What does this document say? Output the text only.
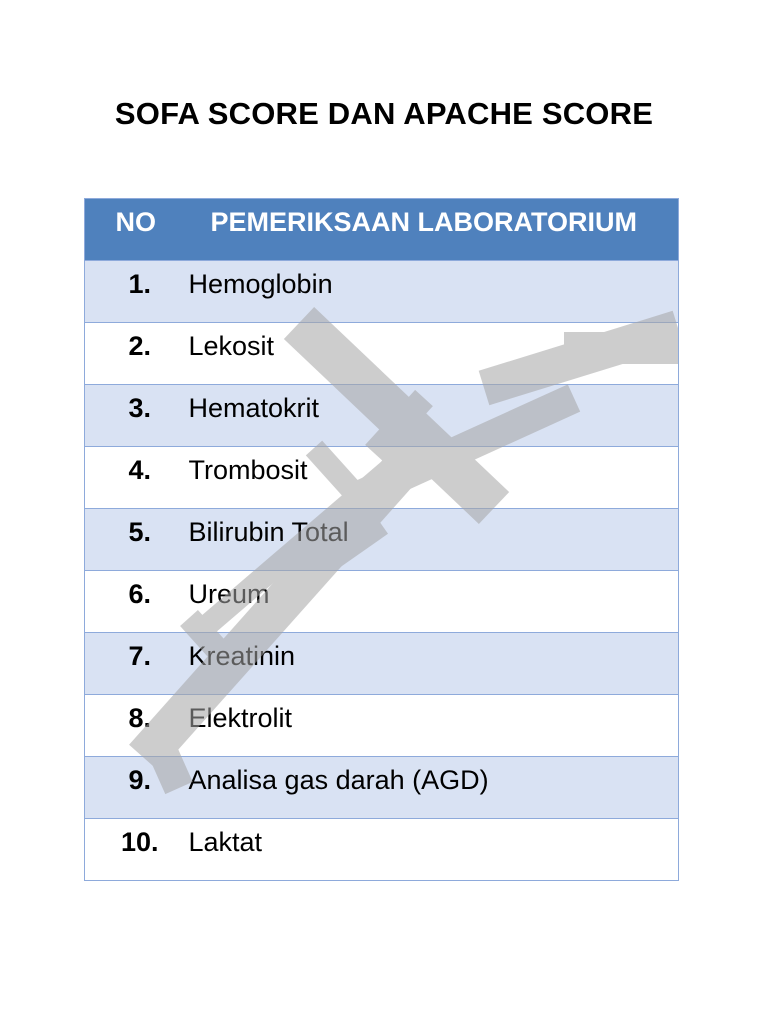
SOFA SCORE DAN APACHE SCORE
NO	PEMERIKSAAN LABORATORIUM
1.	Hemoglobin
2.	Lekosit
3.	Hematokrit
4.	Trombosit
5.	Bilirubin Total
6.	Ureum
7.	Kreatinin
8.	Elektrolit
9.	Analisa gas darah (AGD)
10.	Laktat
